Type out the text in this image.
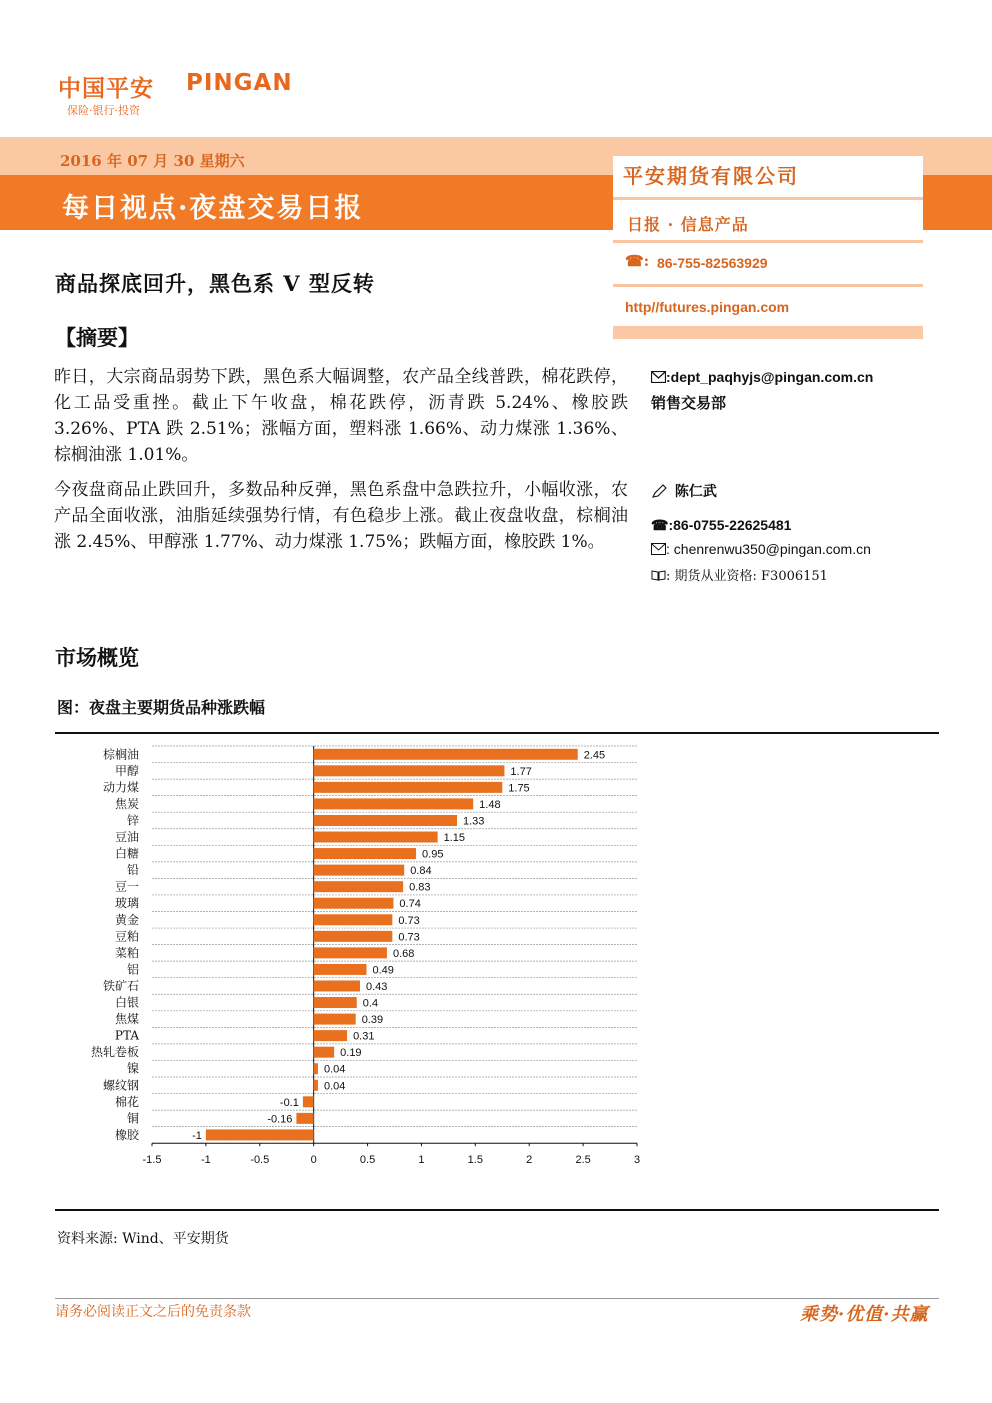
中国平安 PINGAN
保险·银行·投资
2016 年 07 月 30 星期六
每日视点·夜盘交易日报
平安期货有限公司
日报 · 信息产品
☎: 86-755-82563929
http//futures.pingan.com
商品探底回升，黑色系 V 型反转
【摘要】
昨日，大宗商品弱势下跌，黑色系大幅调整，农产品全线普跌，棉花跌停，化工品受重挫。截止下午收盘，棉花跌停，沥青跌 5.24%、橡胶跌 3.26%、PTA 跌 2.51%；涨幅方面，塑料涨 1.66%、动力煤涨 1.36%、棕榈油涨 1.01%。
今夜盘商品止跌回升，多数品种反弹，黑色系盘中急跌拉升，小幅收涨，农产品全面收涨，油脂延续强势行情，有色稳步上涨。截止夜盘收盘，棕榈油涨 2.45%、甲醇涨 1.77%、动力煤涨 1.75%；跌幅方面，橡胶跌 1%。
:dept_paqhyjs@pingan.com.cn
销售交易部
陈仁武
☎:86-0755-22625481
: chenrenwu350@pingan.com.cn
: 期货从业资格: F3006151
市场概览
图：夜盘主要期货品种涨跌幅
棕榈油	2.45
甲醇	1.77
动力煤	1.75
焦炭	1.48
锌	1.33
豆油	1.15
白糖	0.95
铅	0.84
豆一	0.83
玻璃	0.74
黄金	0.73
豆粕	0.73
菜粕	0.68
铝	0.49
铁矿石	0.43
白银	0.4
焦煤	0.39
PTA	0.31
热轧卷板	0.19
镍	0.04
螺纹钢	0.04
棉花	-0.1
铜	-0.16
橡胶	-1
-1.5	-1	-0.5	0	0.5	1	1.5	2	2.5	3
资料来源: Wind、平安期货
请务必阅读正文之后的免责条款	乘势·优值·共赢
